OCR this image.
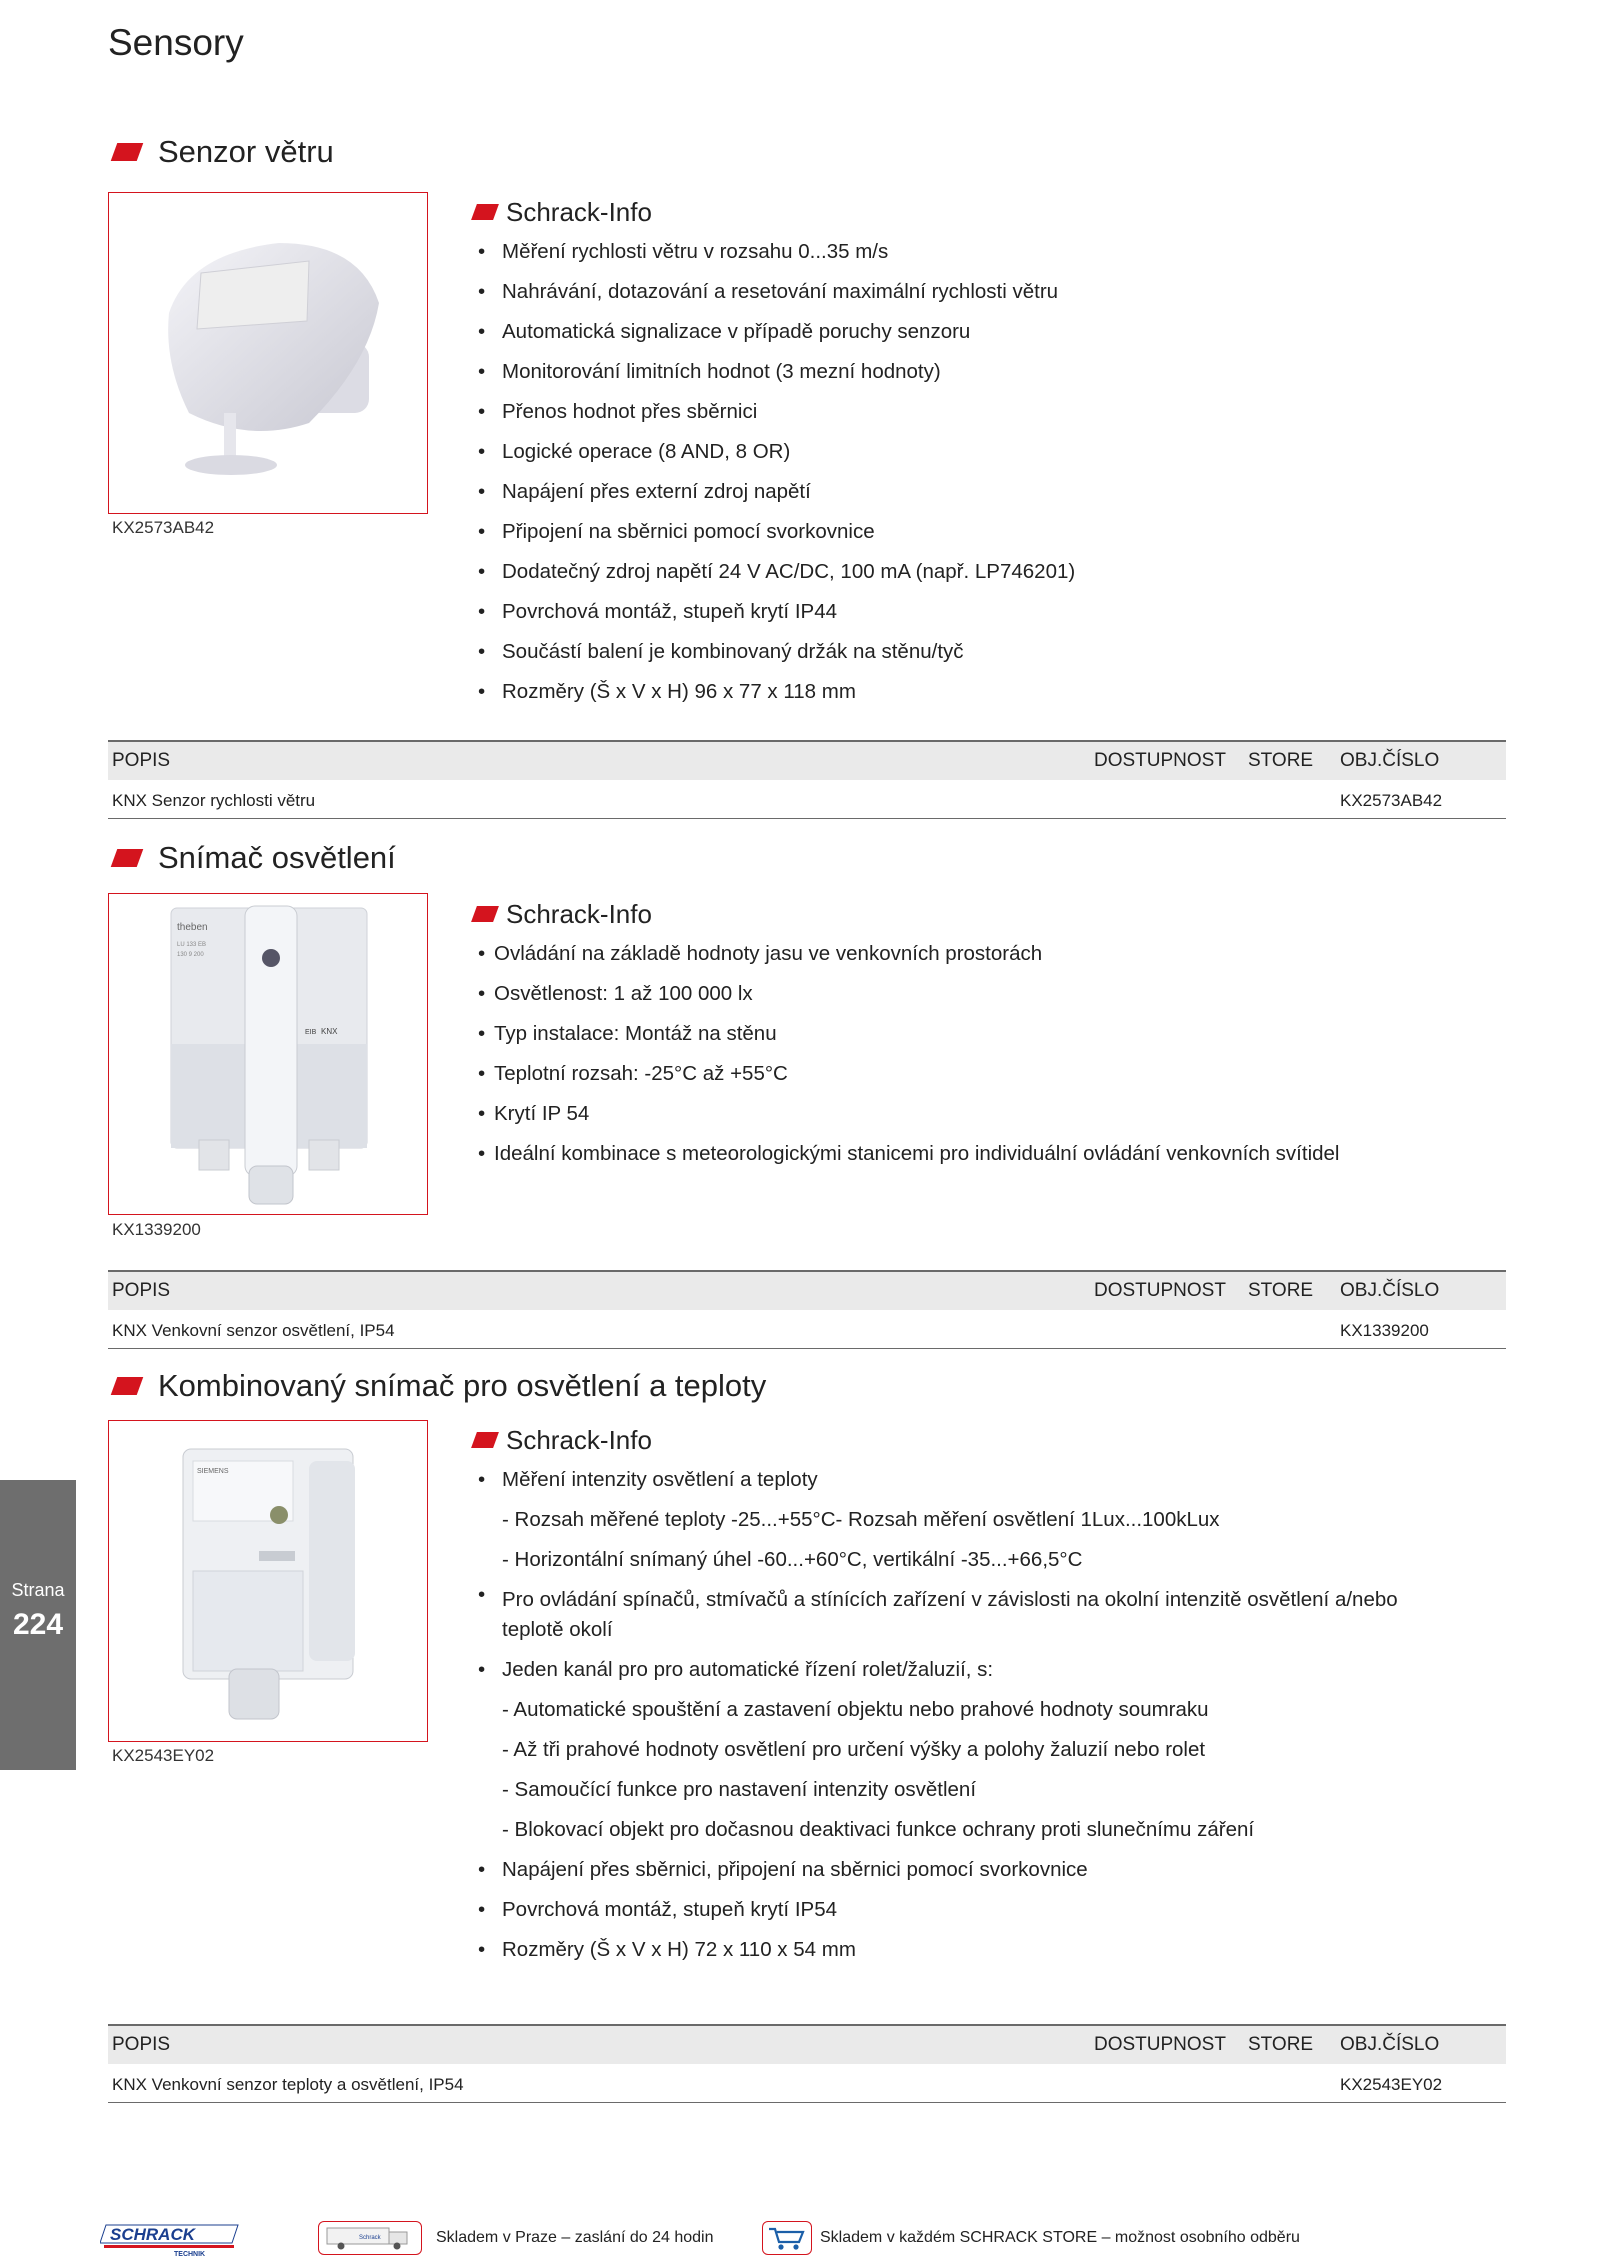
Sensory
Senzor větru
KX2573AB42
Schrack-Info
• Měření rychlosti větru v rozsahu 0...35 m/s
• Nahrávání, dotazování a resetování maximální rychlosti větru
• Automatická signalizace v případě poruchy senzoru
• Monitorování limitních hodnot (3 mezní hodnoty)
• Přenos hodnot přes sběrnici
• Logické operace (8 AND, 8 OR)
• Napájení přes externí zdroj napětí
• Připojení na sběrnici pomocí svorkovnice
• Dodatečný zdroj napětí 24 V AC/DC, 100 mA (např. LP746201)
• Povrchová montáž, stupeň krytí IP44
• Součástí balení je kombinovaný držák na stěnu/tyč
• Rozměry (Š x V x H) 96 x 77 x 118 mm
POPIS	DOSTUPNOST STORE OBJ.ČÍSLO
KNX Senzor rychlosti větru	KX2573AB42
Snímač osvětlení
theben
LU 133 EB
130 9 200
KNX
EIB
KX1339200
Schrack-Info
• Ovládání na základě hodnoty jasu ve venkovních prostorách
• Osvětlenost: 1 až 100 000 lx
• Typ instalace: Montáž na stěnu
• Teplotní rozsah: -25°C až +55°C
• Krytí IP 54
• Ideální kombinace s meteorologickými stanicemi pro individuální ovládání venkovních svítidel
POPIS	DOSTUPNOST STORE OBJ.ČÍSLO
KNX Venkovní senzor osvětlení, IP54	KX1339200
Kombinovaný snímač pro osvětlení a teploty
SIEMENS
KX2543EY02
Schrack-Info
• Měření intenzity osvětlení a teploty
- Rozsah měřené teploty -25...+55°C- Rozsah měření osvětlení 1Lux...100kLux
- Horizontální snímaný úhel -60...+60°C, vertikální -35...+66,5°C
• Pro ovládání spínačů, stmívačů a stínících zařízení v závislosti na okolní intenzitě osvětlení a/nebo teplotě okolí
• Jeden kanál pro pro automatické řízení rolet/žaluzií, s:
- Automatické spouštění a zastavení objektu nebo prahové hodnoty soumraku
- Až tři prahové hodnoty osvětlení pro určení výšky a polohy žaluzií nebo rolet
- Samoučící funkce pro nastavení intenzity osvětlení
- Blokovací objekt pro dočasnou deaktivaci funkce ochrany proti slunečnímu záření
• Napájení přes sběrnici, připojení na sběrnici pomocí svorkovnice
• Povrchová montáž, stupeň krytí IP54
• Rozměry (Š x V x H) 72 x 110 x 54 mm
POPIS	DOSTUPNOST STORE OBJ.ČÍSLO
KNX Venkovní senzor teploty a osvětlení, IP54	KX2543EY02
Strana
224
SCHRACK
TECHNIK
Schrack	Skladem v Praze – zaslání do 24 hodin	Skladem v každém SCHRACK STORE – možnost osobního odběru
